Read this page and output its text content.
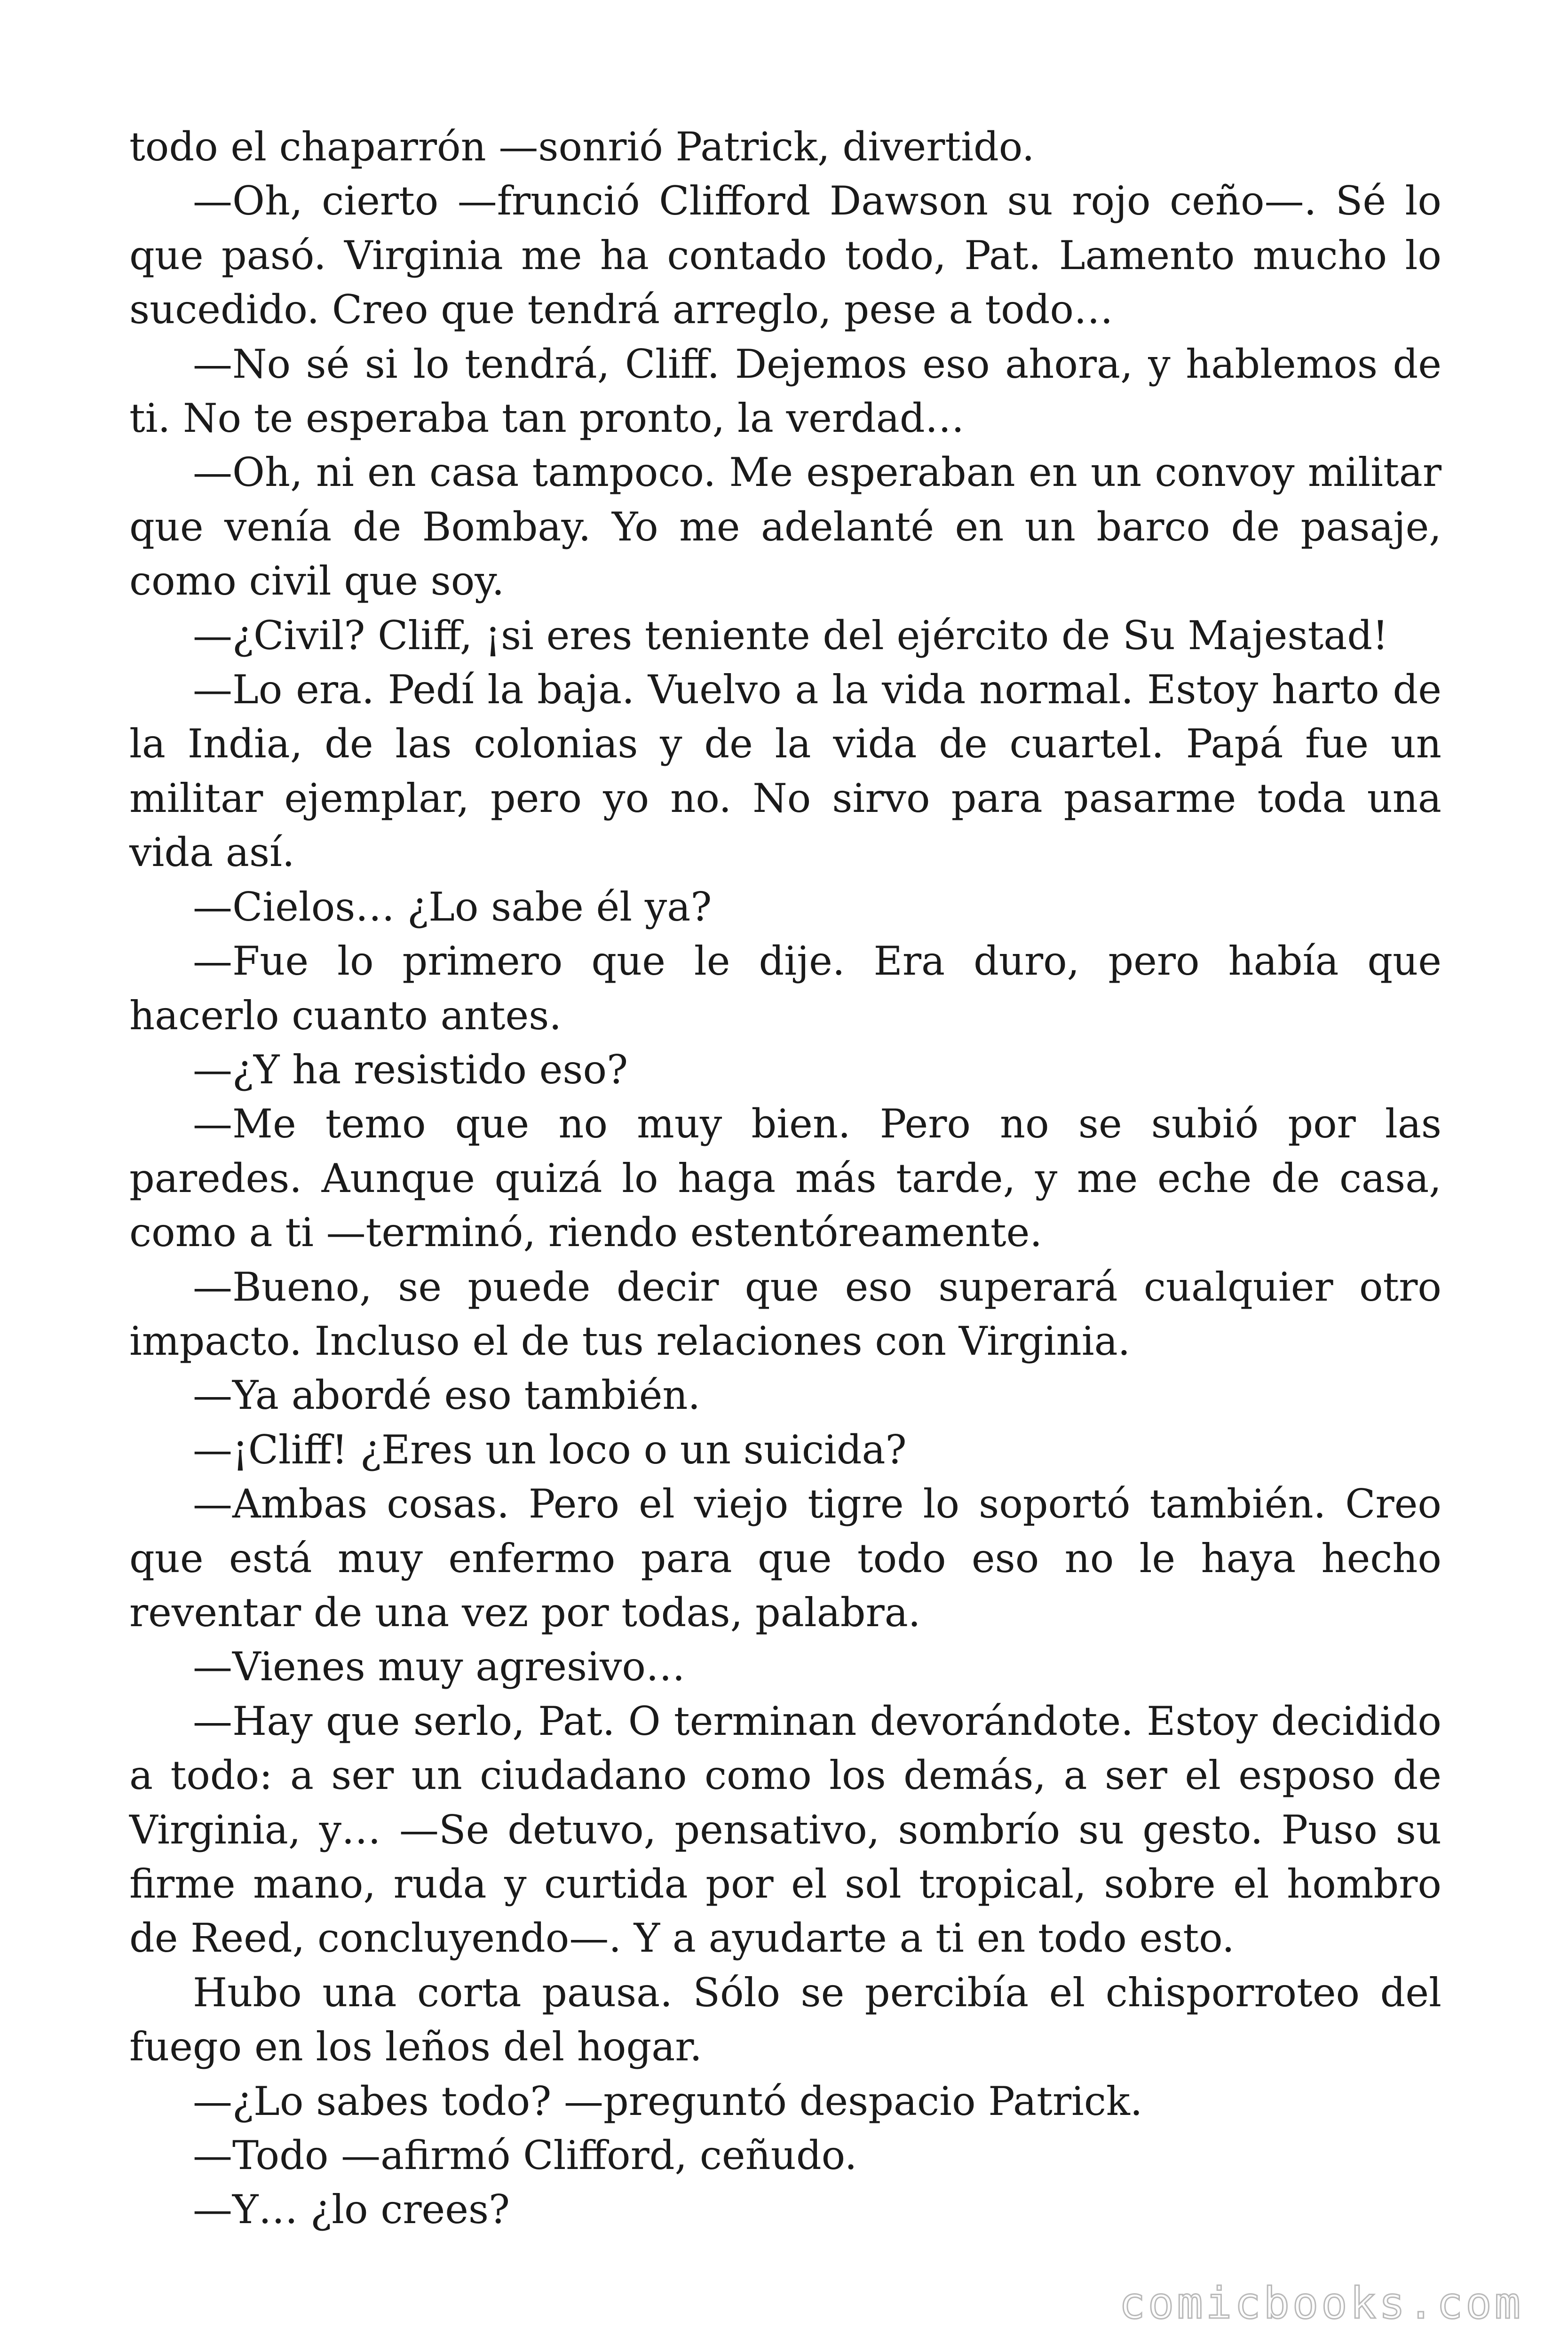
todo el chaparrón —sonrió Patrick, divertido.

—Oh, cierto —frunció Clifford Dawson su rojo ceño—. Sé lo que pasó. Virginia me ha contado todo, Pat. Lamento mucho lo sucedido. Creo que tendrá arreglo, pese a todo…

—No sé si lo tendrá, Cliff. Dejemos eso ahora, y hablemos de ti. No te esperaba tan pronto, la verdad…

—Oh, ni en casa tampoco. Me esperaban en un convoy militar que venía de Bombay. Yo me adelanté en un barco de pasaje, como civil que soy.

—¿Civil? Cliff, ¡si eres teniente del ejército de Su Majestad!

—Lo era. Pedí la baja. Vuelvo a la vida normal. Estoy harto de la India, de las colonias y de la vida de cuartel. Papá fue un militar ejemplar, pero yo no. No sirvo para pasarme toda una vida así.

—Cielos… ¿Lo sabe él ya?

—Fue lo primero que le dije. Era duro, pero había que hacerlo cuanto antes.

—¿Y ha resistido eso?

—Me temo que no muy bien. Pero no se subió por las paredes. Aunque quizá lo haga más tarde, y me eche de casa, como a ti —terminó, riendo estentóreamente.

—Bueno, se puede decir que eso superará cualquier otro impacto. Incluso el de tus relaciones con Virginia.

—Ya abordé eso también.

—¡Cliff! ¿Eres un loco o un suicida?

—Ambas cosas. Pero el viejo tigre lo soportó también. Creo que está muy enfermo para que todo eso no le haya hecho reventar de una vez por todas, palabra.

—Vienes muy agresivo…

—Hay que serlo, Pat. O terminan devorándote. Estoy decidido a todo: a ser un ciudadano como los demás, a ser el esposo de Virginia, y… —Se detuvo, pensativo, sombrío su gesto. Puso su firme mano, ruda y curtida por el sol tropical, sobre el hombro de Reed, concluyendo—. Y a ayudarte a ti en todo esto.

Hubo una corta pausa. Sólo se percibía el chisporroteo del fuego en los leños del hogar.

—¿Lo sabes todo? —preguntó despacio Patrick.

—Todo —afirmó Clifford, ceñudo.

—Y… ¿lo crees?

comicbooks.com
